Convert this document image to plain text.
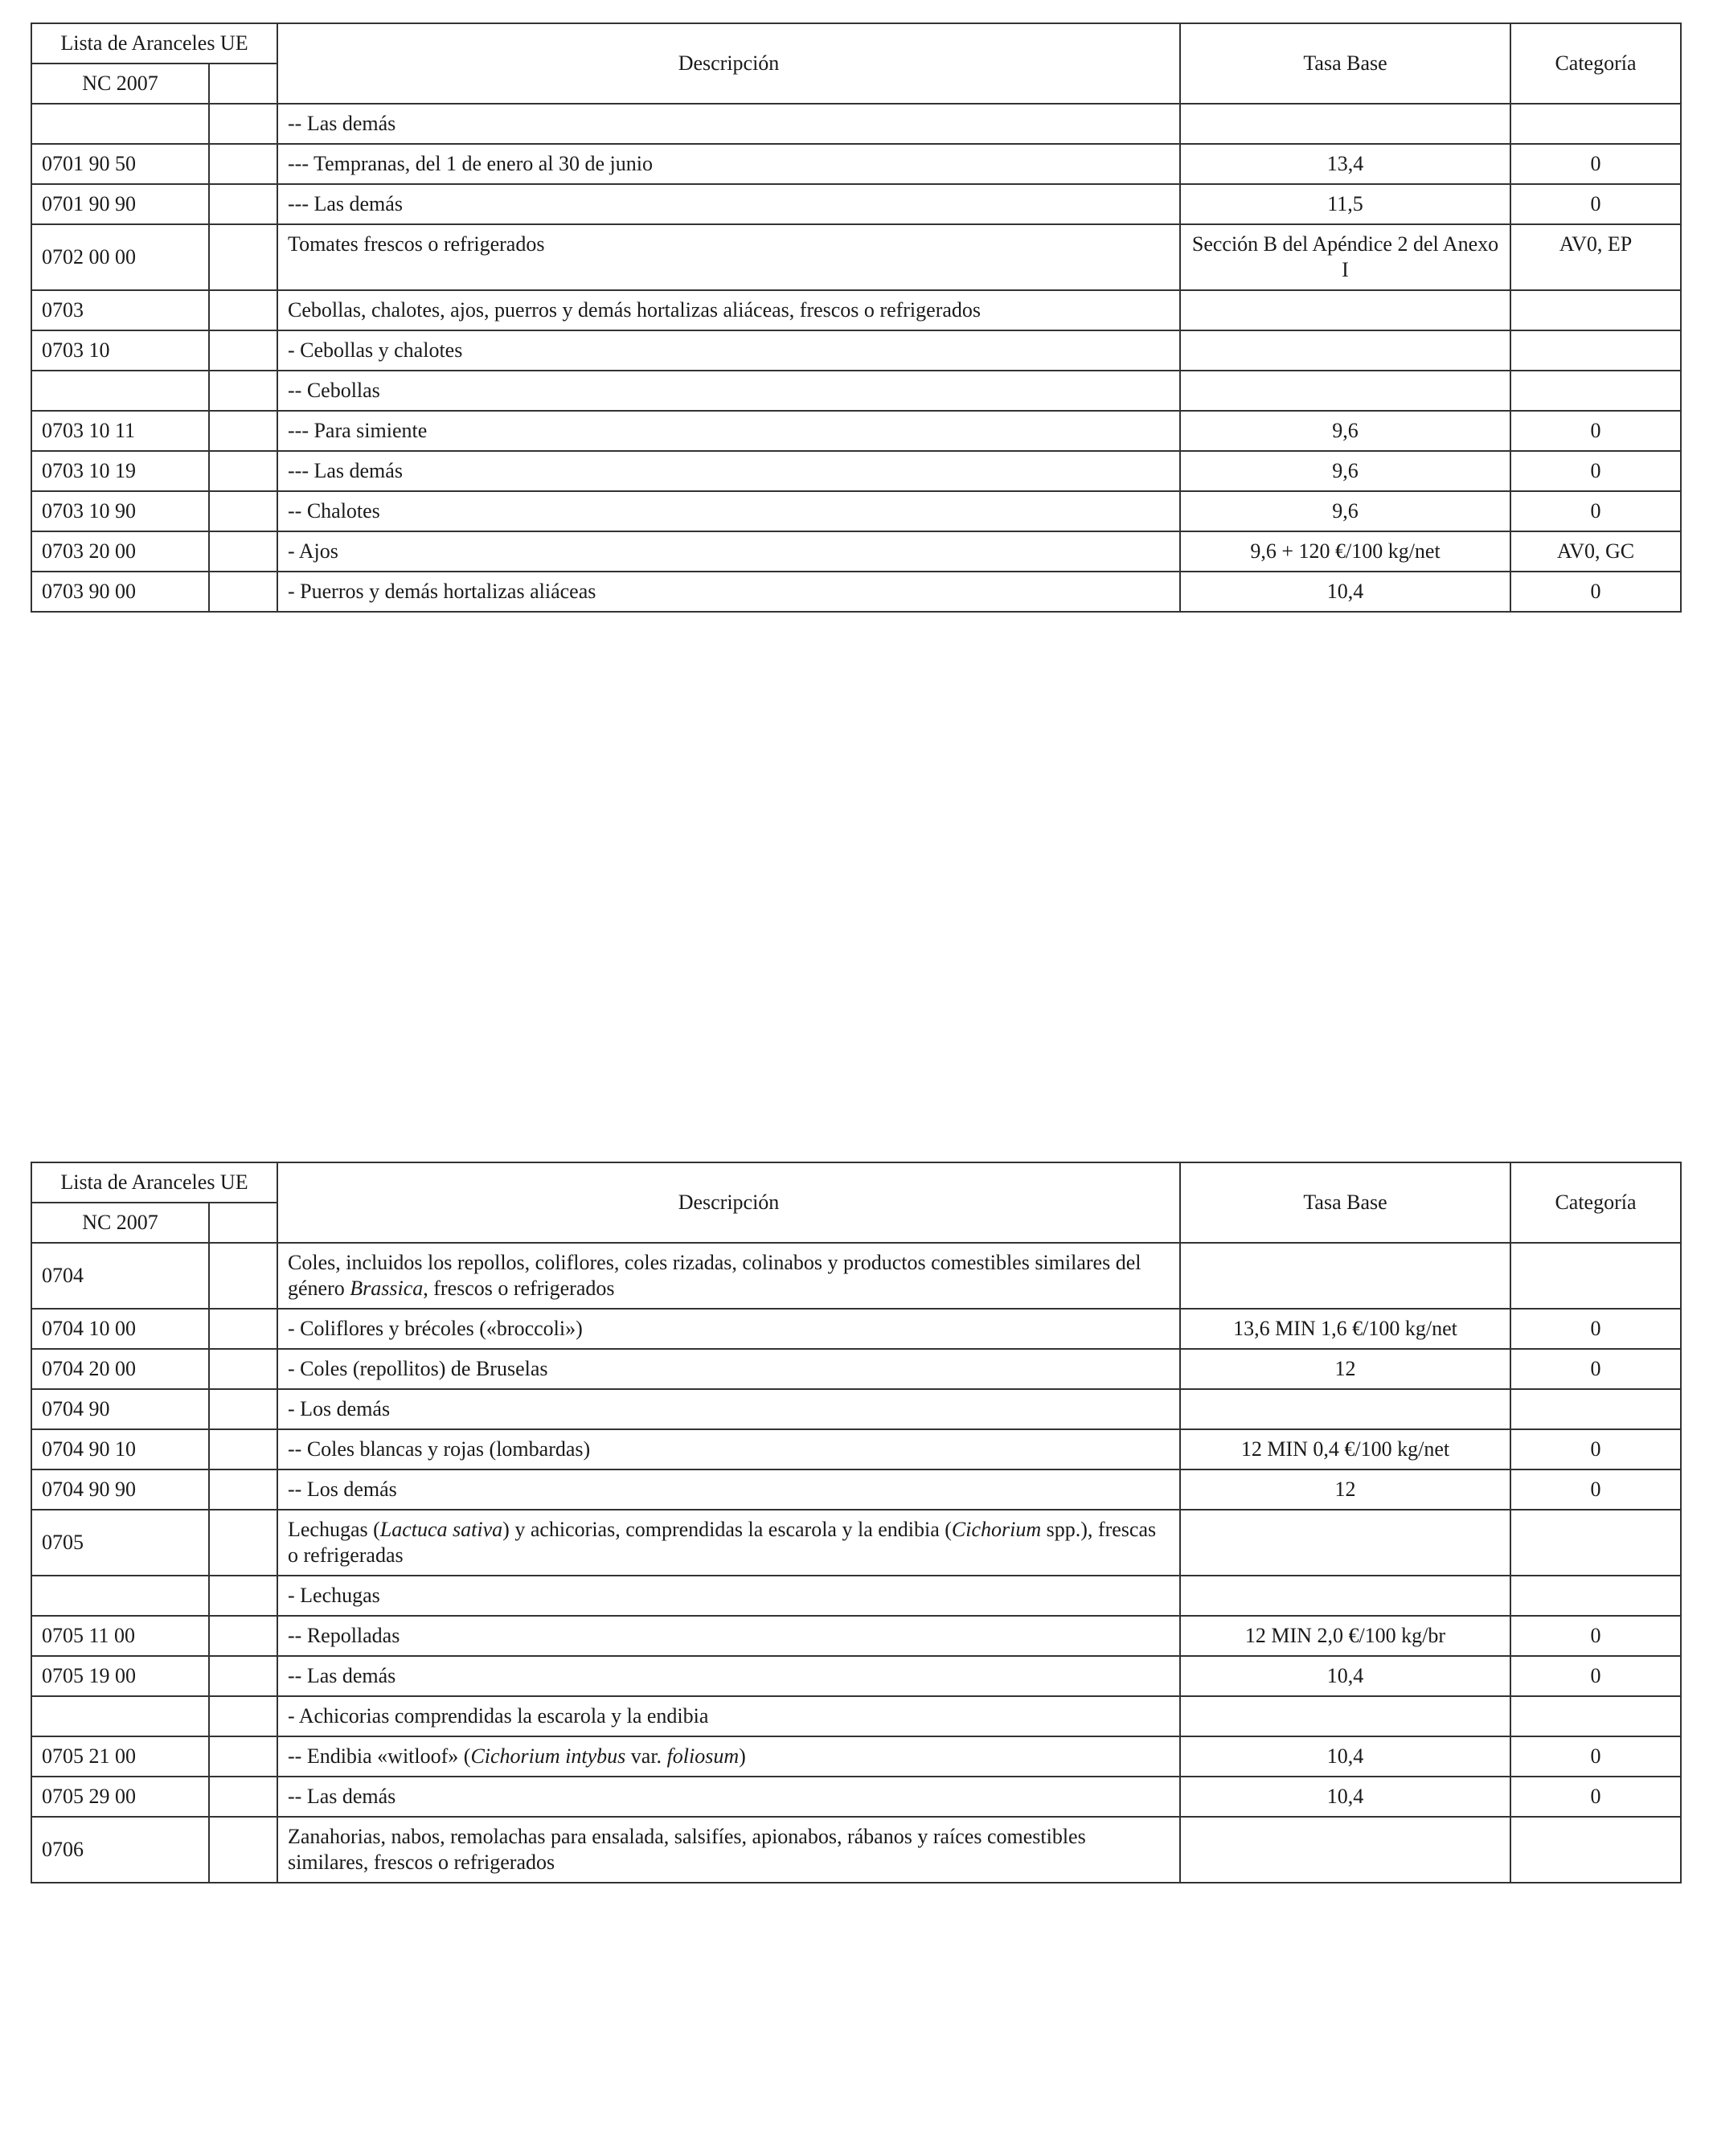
Lista de Aranceles UE		Descripción	Tasa Base	Categoría
NC 2007				
		-- Las demás		
0701 90 50		--- Tempranas, del 1 de enero al 30 de junio	13,4	0
0701 90 90		--- Las demás	11,5	0
0702 00 00		Tomates frescos o refrigerados	Sección B del Apéndice 2 del Anexo I	AV0, EP
0703		Cebollas, chalotes, ajos, puerros y demás hortalizas aliáceas, frescos o refrigerados		
0703 10		- Cebollas y chalotes		
		-- Cebollas		
0703 10 11		--- Para simiente	9,6	0
0703 10 19		--- Las demás	9,6	0
0703 10 90		-- Chalotes	9,6	0
0703 20 00		- Ajos	9,6 + 120 €/100 kg/net	AV0, GC
0703 90 00		- Puerros y demás hortalizas aliáceas	10,4	0
Lista de Aranceles UE		Descripción	Tasa Base	Categoría
NC 2007				
0704		Coles, incluidos los repollos, coliflores, coles rizadas, colinabos y productos comestibles similares del género Brassica, frescos o refrigerados		
0704 10 00		- Coliflores y brécoles («broccoli»)	13,6 MIN 1,6 €/100 kg/net	0
0704 20 00		- Coles (repollitos) de Bruselas	12	0
0704 90		- Los demás		
0704 90 10		-- Coles blancas y rojas (lombardas)	12 MIN 0,4 €/100 kg/net	0
0704 90 90		-- Los demás	12	0
0705		Lechugas (Lactuca sativa) y achicorias, comprendidas la escarola y la endibia (Cichorium spp.), frescas o refrigeradas		
		- Lechugas		
0705 11 00		-- Repolladas	12 MIN 2,0 €/100 kg/br	0
0705 19 00		-- Las demás	10,4	0
		- Achicorias comprendidas la escarola y la endibia		
0705 21 00		-- Endibia «witloof» (Cichorium intybus var. foliosum)	10,4	0
0705 29 00		-- Las demás	10,4	0
0706		Zanahorias, nabos, remolachas para ensalada, salsifíes, apionabos, rábanos y raíces comestibles similares, frescos o refrigerados		
